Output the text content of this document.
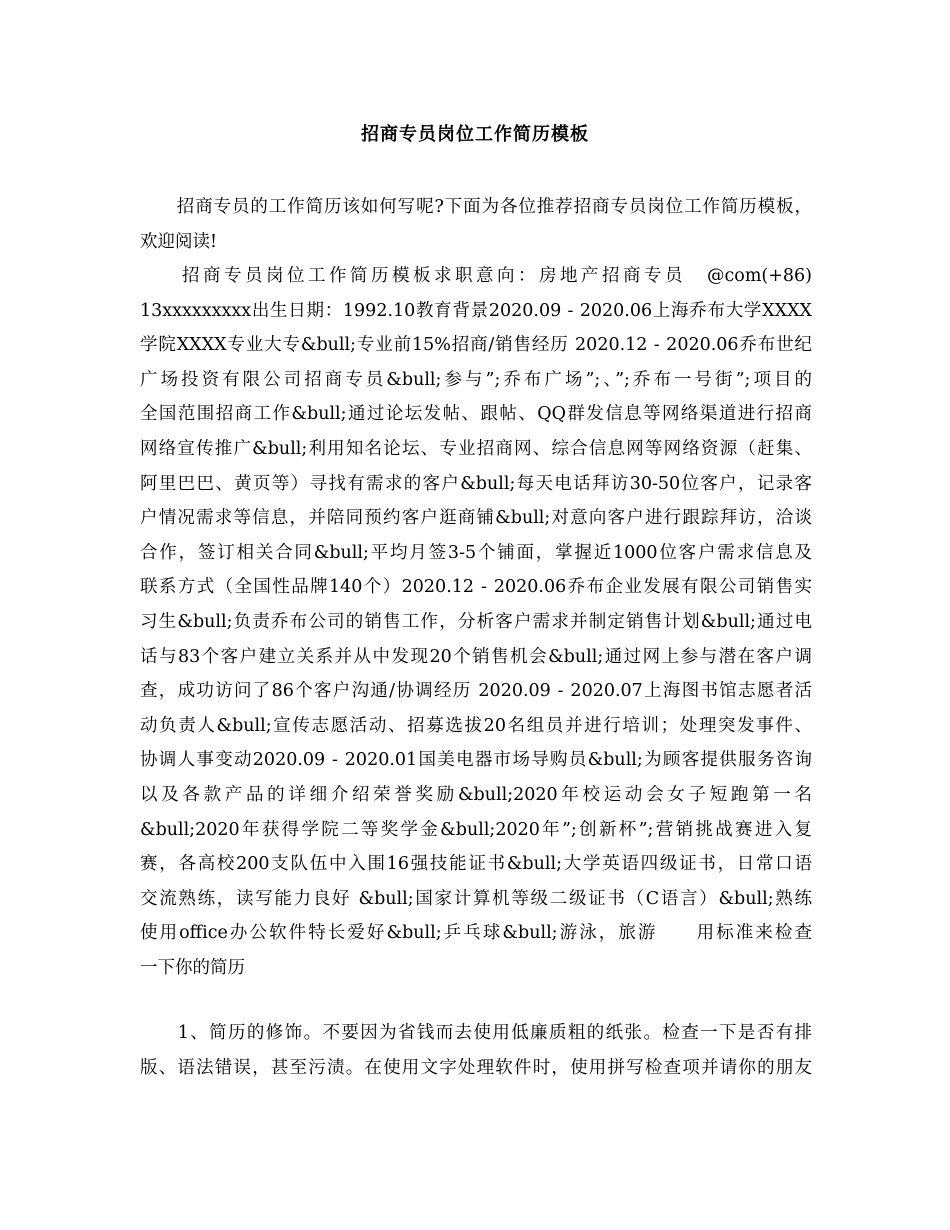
招商专员岗位工作简历模板
　　招商专员的工作简历该如何写呢?下面为各位推荐招商专员岗位工作简历模板，
欢迎阅读!
　　招商专员岗位工作简历模板求职意向：房地产招商专员　@com(+86)
13xxxxxxxxx出生日期：1992.10教育背景2020.09 - 2020.06上海乔布大学XXXX
学院XXXX专业大专&bull;专业前15%招商/销售经历 2020.12 - 2020.06乔布世纪
广场投资有限公司招商专员&bull;参与”;乔布广场”;、”;乔布一号街”;项目的
全国范围招商工作&bull;通过论坛发帖、跟帖、QQ群发信息等网络渠道进行招商
网络宣传推广&bull;利用知名论坛、专业招商网、综合信息网等网络资源（赶集、
阿里巴巴、黄页等）寻找有需求的客户&bull;每天电话拜访30-50位客户，记录客
户情况需求等信息，并陪同预约客户逛商铺&bull;对意向客户进行跟踪拜访，洽谈
合作，签订相关合同&bull;平均月签3-5个铺面，掌握近1000位客户需求信息及
联系方式（全国性品牌140个）2020.12 - 2020.06乔布企业发展有限公司销售实
习生&bull;负责乔布公司的销售工作，分析客户需求并制定销售计划&bull;通过电
话与83个客户建立关系并从中发现20个销售机会&bull;通过网上参与潜在客户调
查，成功访问了86个客户沟通/协调经历 2020.09 - 2020.07上海图书馆志愿者活
动负责人&bull;宣传志愿活动、招募选拔20名组员并进行培训；处理突发事件、
协调人事变动2020.09 - 2020.01国美电器市场导购员&bull;为顾客提供服务咨询
以及各款产品的详细介绍荣誉奖励&bull;2020年校运动会女子短跑第一名
&bull;2020年获得学院二等奖学金&bull;2020年”;创新杯”;营销挑战赛进入复
赛，各高校200支队伍中入围16强技能证书&bull;大学英语四级证书，日常口语
交流熟练，读写能力良好 &bull;国家计算机等级二级证书（C语言）&bull;熟练
使用office办公软件特长爱好&bull;乒乓球&bull;游泳，旅游　　用标准来检查
一下你的简历
　　1、简历的修饰。不要因为省钱而去使用低廉质粗的纸张。检查一下是否有排
版、语法错误，甚至污渍。在使用文字处理软件时，使用拼写检查项并请你的朋友
